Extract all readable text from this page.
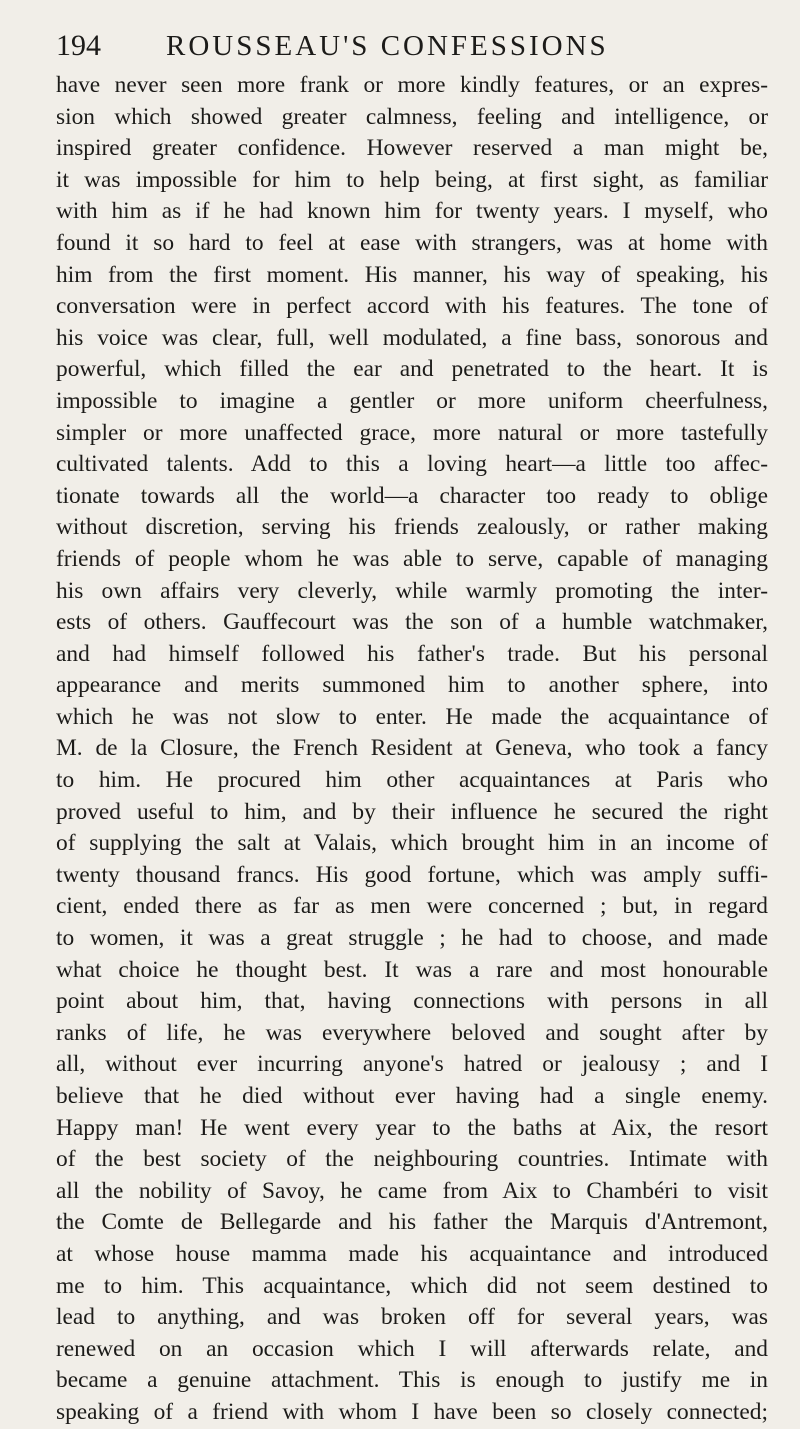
194 ROUSSEAU'S CONFESSIONS
have never seen more frank or more kindly features, or an expres-
sion which showed greater calmness, feeling and intelligence, or
inspired greater confidence. However reserved a man might be,
it was impossible for him to help being, at first sight, as familiar
with him as if he had known him for twenty years. I myself, who
found it so hard to feel at ease with strangers, was at home with
him from the first moment. His manner, his way of speaking, his
conversation were in perfect accord with his features. The tone of
his voice was clear, full, well modulated, a fine bass, sonorous and
powerful, which filled the ear and penetrated to the heart. It is
impossible to imagine a gentler or more uniform cheerfulness,
simpler or more unaffected grace, more natural or more tastefully
cultivated talents. Add to this a loving heart—a little too affec-
tionate towards all the world—a character too ready to oblige
without discretion, serving his friends zealously, or rather making
friends of people whom he was able to serve, capable of managing
his own affairs very cleverly, while warmly promoting the inter-
ests of others. Gauffecourt was the son of a humble watchmaker,
and had himself followed his father's trade. But his personal
appearance and merits summoned him to another sphere, into
which he was not slow to enter. He made the acquaintance of
M. de la Closure, the French Resident at Geneva, who took a fancy
to him. He procured him other acquaintances at Paris who
proved useful to him, and by their influence he secured the right
of supplying the salt at Valais, which brought him in an income of
twenty thousand francs. His good fortune, which was amply suffi-
cient, ended there as far as men were concerned ; but, in regard
to women, it was a great struggle ; he had to choose, and made
what choice he thought best. It was a rare and most honourable
point about him, that, having connections with persons in all
ranks of life, he was everywhere beloved and sought after by
all, without ever incurring anyone's hatred or jealousy ; and I
believe that he died without ever having had a single enemy.
Happy man! He went every year to the baths at Aix, the resort
of the best society of the neighbouring countries. Intimate with
all the nobility of Savoy, he came from Aix to Chambéri to visit
the Comte de Bellegarde and his father the Marquis d'Antremont,
at whose house mamma made his acquaintance and introduced
me to him. This acquaintance, which did not seem destined to
lead to anything, and was broken off for several years, was
renewed on an occasion which I will afterwards relate, and
became a genuine attachment. This is enough to justify me in
speaking of a friend with whom I have been so closely connected;
